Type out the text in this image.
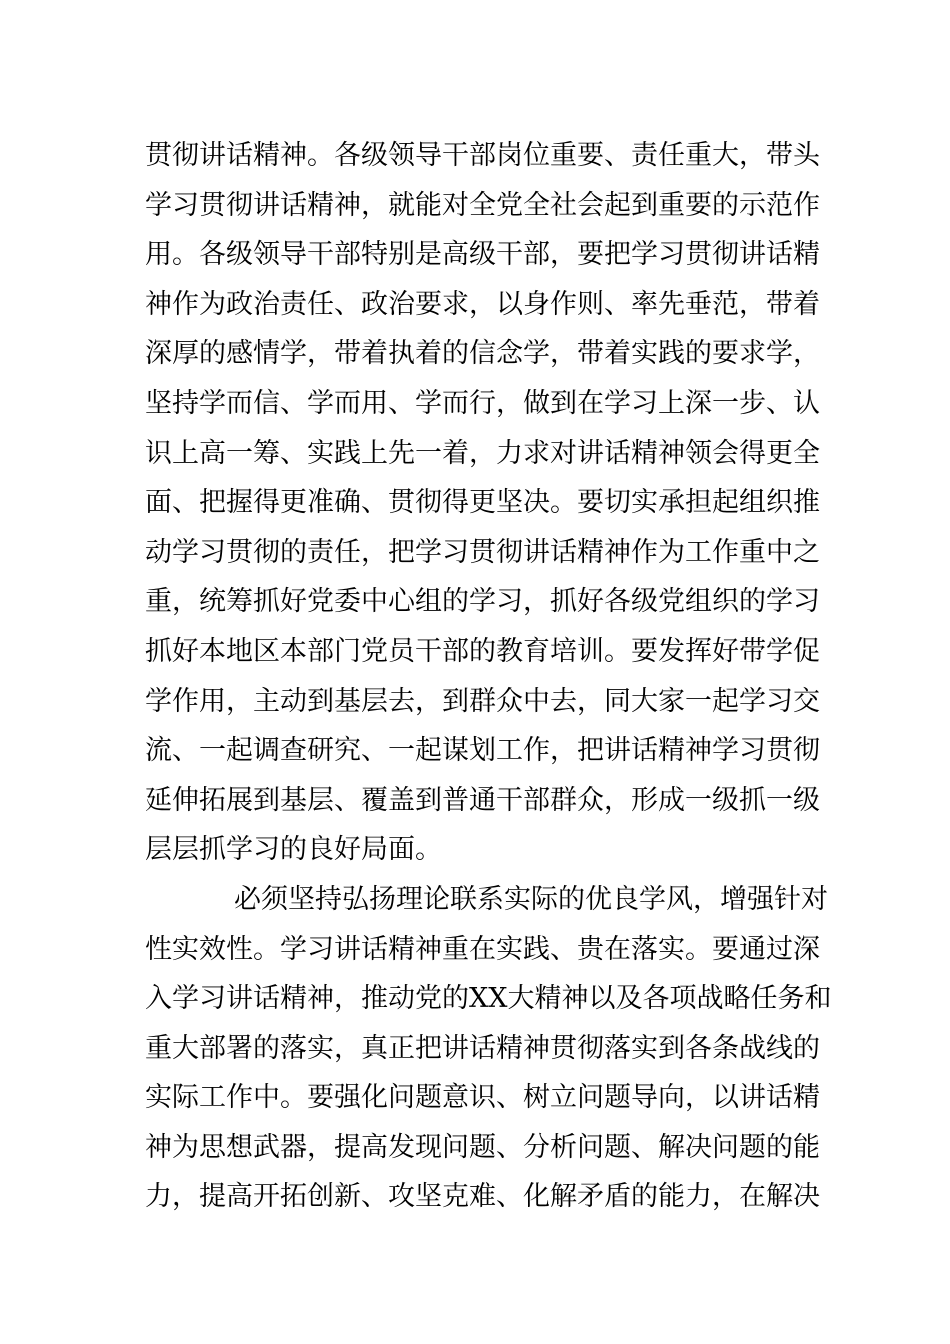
贯彻讲话精神。各级领导干部岗位重要、责任重大，带头
学习贯彻讲话精神，就能对全党全社会起到重要的示范作
用。各级领导干部特别是高级干部，要把学习贯彻讲话精
神作为政治责任、政治要求，以身作则、率先垂范，带着
深厚的感情学，带着执着的信念学，带着实践的要求学，
坚持学而信、学而用、学而行，做到在学习上深一步、认
识上高一筹、实践上先一着，力求对讲话精神领会得更全
面、把握得更准确、贯彻得更坚决。要切实承担起组织推
动学习贯彻的责任，把学习贯彻讲话精神作为工作重中之
重，统筹抓好党委中心组的学习，抓好各级党组织的学习
抓好本地区本部门党员干部的教育培训。要发挥好带学促
学作用，主动到基层去，到群众中去，同大家一起学习交
流、一起调查研究、一起谋划工作，把讲话精神学习贯彻
延伸拓展到基层、覆盖到普通干部群众，形成一级抓一级
层层抓学习的良好局面。
必须坚持弘扬理论联系实际的优良学风，增强针对
性实效性。学习讲话精神重在实践、贵在落实。要通过深
入学习讲话精神，推动党的XX大精神以及各项战略任务和
重大部署的落实，真正把讲话精神贯彻落实到各条战线的
实际工作中。要强化问题意识、树立问题导向，以讲话精
神为思想武器，提高发现问题、分析问题、解决问题的能
力，提高开拓创新、攻坚克难、化解矛盾的能力，在解决
